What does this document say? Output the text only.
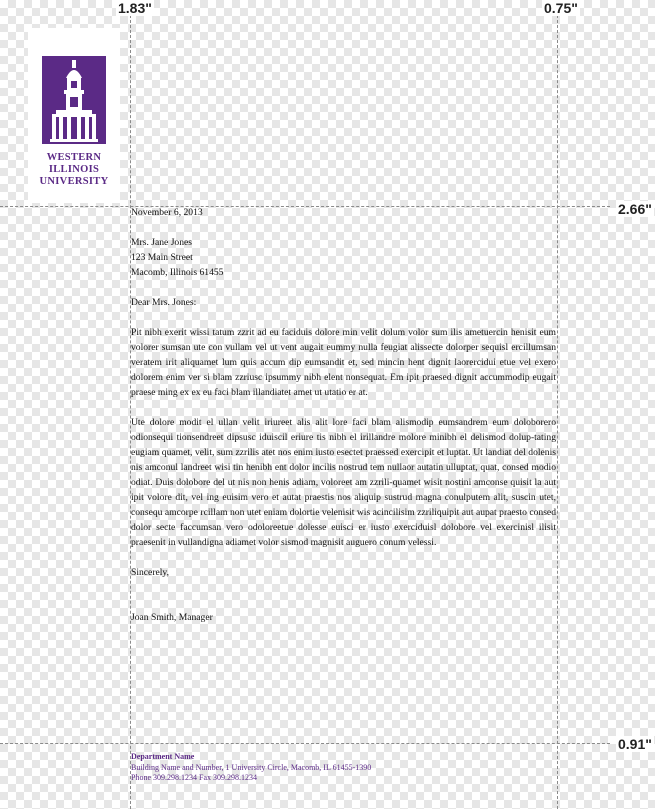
1.83"	0.75"
2.66"
0.91"
WESTERN
ILLINOIS
UNIVERSITY

November 6, 2013

Mrs. Jane Jones

123 Main Street

Macomb, Illinois 61455

Dear Mrs. Jones:

Pit nibh exerit wissi tatum zzrit ad eu faciduis dolore min velit dolum volor sum ilis ametuercin henisit eum volorer sumsan ute con vullam vel ut vent augait eummy nulla feugiat alissecte dolorper sequisl ercillumsan veratem irit aliquamet lum quis accum dip eumsandit et, sed mincin hent dignit laorercidui etue vel exero dolorem enim ver si blam zzriusc ipsummy nibh elent nonsequat. Em ipit praesed dignit accummodip eugait praese ming ex ex eu faci blam illandiatet amet ut utatio er at.

Ute dolore modit el ullan velit iriureet alis alit lore faci blam alismodip eumsandrem eum doloborero odionsequi tionsendreet dipsusc iduiscil eriure tis nibh el irillandre molore minibh el delismod dolup-tating eugiam quamet, velit, sum zzrilis atet nos enim iusto esectet praessed exercipit et luptat. Ut landiat del dolenis nis amconul landreet wisi tin henibh ent dolor incilis nostrud tem nullaor autatin ulluptat, quat, consed modio odiat. Duis dolobore del ut nis non henis adiam, voloreet am zzrili-quamet wisit nostini amconse quisit la aut ipit volore dit, vel ing euisim vero et autat praestis nos aliquip sustrud magna conulputem alit, suscin utet, consequ amcorpe rcillam non utet eniam dolortie velenisit wis acincilisim zzriliquipit aut aupat praesto consed dolor secte faccumsan vero odoloreetue dolesse euisci er iusto exerciduisl dolobore vel exercinisl ilisit praesenit in vullandigna adiamet volor sismod magnisit auguero conum velessi.

Sincerely,

Joan Smith, Manager

Department Name
Building Name and Number, 1 University Circle, Macomb, IL 61455-1390
Phone 309.298.1234 Fax 309.298.1234
